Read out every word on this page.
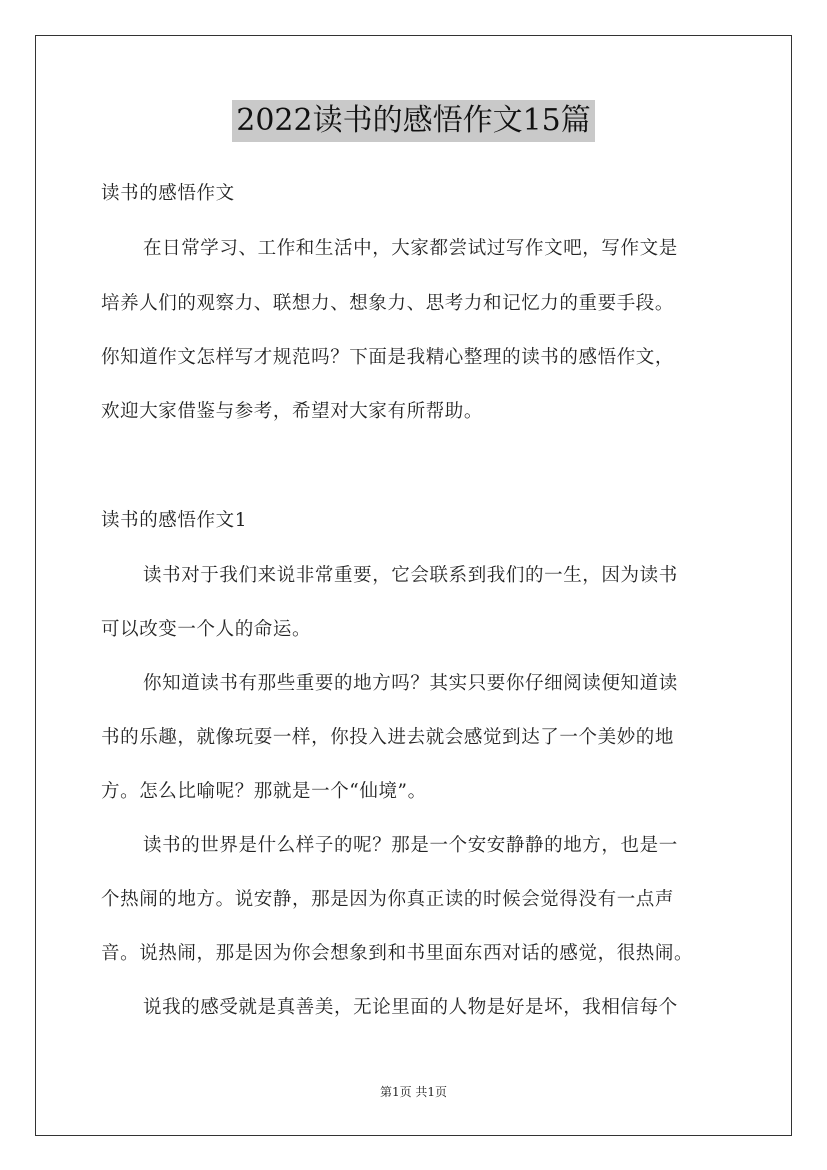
2022读书的感悟作文15篇
读书的感悟作文
在日常学习、工作和生活中，大家都尝试过写作文吧，写作文是
培养人们的观察力、联想力、想象力、思考力和记忆力的重要手段。
你知道作文怎样写才规范吗？下面是我精心整理的读书的感悟作文，
欢迎大家借鉴与参考，希望对大家有所帮助。
读书的感悟作文1
读书对于我们来说非常重要，它会联系到我们的一生，因为读书
可以改变一个人的命运。
你知道读书有那些重要的地方吗？其实只要你仔细阅读便知道读
书的乐趣，就像玩耍一样，你投入进去就会感觉到达了一个美妙的地
方。怎么比喻呢？那就是一个“仙境”。
读书的世界是什么样子的呢？那是一个安安静静的地方，也是一
个热闹的地方。说安静，那是因为你真正读的时候会觉得没有一点声
音。说热闹，那是因为你会想象到和书里面东西对话的感觉，很热闹。
说我的感受就是真善美，无论里面的人物是好是坏，我相信每个
第1页 共1页
